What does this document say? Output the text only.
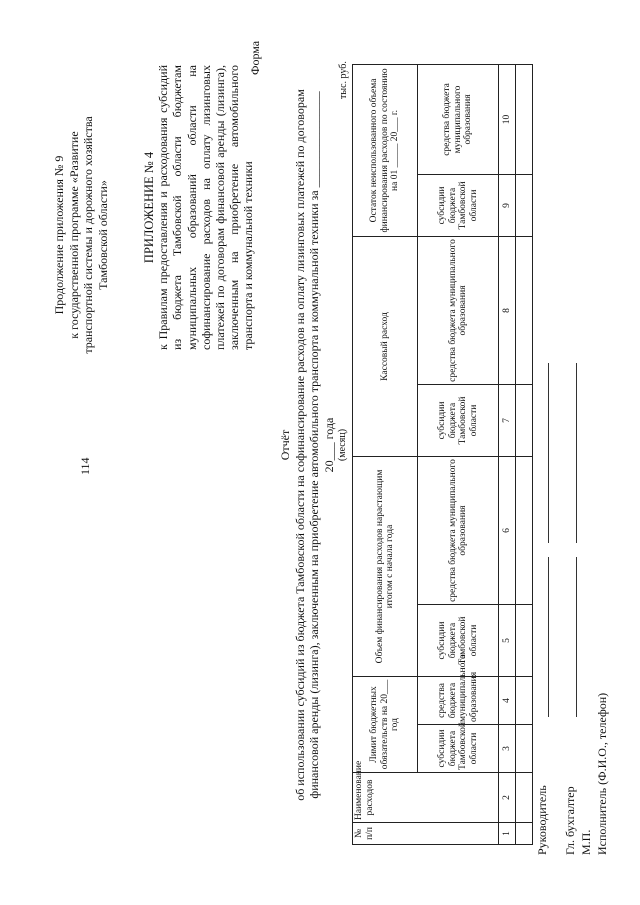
114
Продолжение приложения № 9 к государственной программе «Развитие транспортной системы и дорожного хозяйства Тамбовской области»	ПРИЛОЖЕНИЕ № 4 к Правилам предоставления и расходования субсидий из бюджета Тамбовской области бюджетам муниципальных образований области на софинансирование расходов на оплату лизинговых платежей по договорам финансовой аренды (лизинга), заключенным на приобретение автомобильного транспорта и коммунальной техники
Форма
Отчёт об использовании субсидий из бюджета Тамбовской области на софинансирование расходов на оплату лизинговых платежей по договорам финансовой аренды (лизинга), заключенным на приобретение автомобильного транспорта и коммунальной техники за ________________ 20___ года (месяц)
тыс. руб.
№ п/п	Наименование расходов	Лимит бюджетных обязательств на 20___ год		Объем финансирования расходов нарастающим итогом с начала года		Кассовый расход		Остаток неиспользованного объема финансирования расходов по состоянию на 01 _____ 20___ г.	
		субсидии бюджета Тамбовской области	средства бюджета муниципального образования	субсидии бюджета Тамбовской области	средства бюджета муниципального образования	субсидии бюджета Тамбовской области	средства бюджета муниципального образования	субсидии бюджета Тамбовской области	средства бюджета муниципального образования
1	2	3	4	5	6	7	8	9	10

Руководитель Гл. бухгалтер М.П. Исполнитель (Ф.И.О., телефон)
